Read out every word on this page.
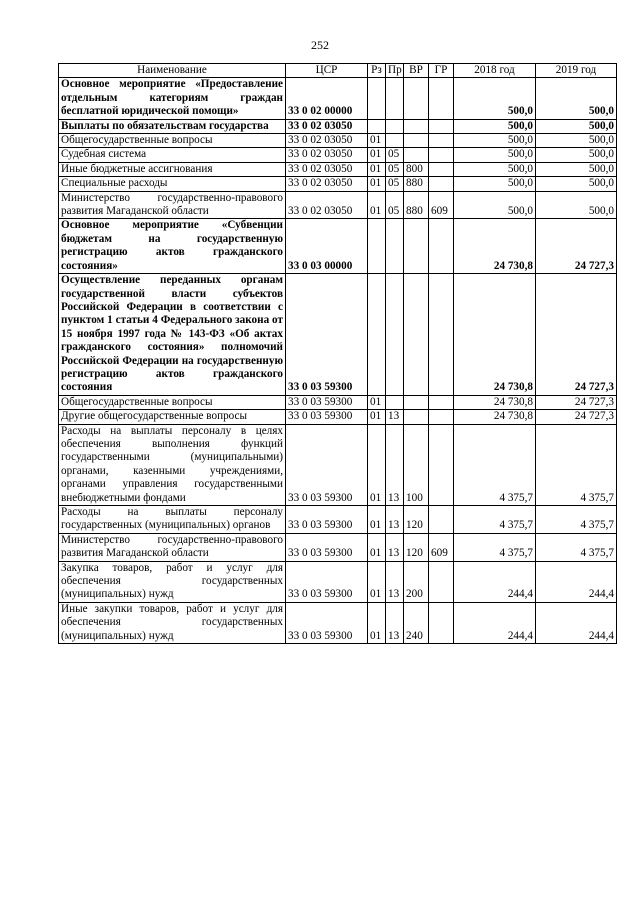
252
Наименование	ЦСР	Рз	Пр	ВР	ГР	2018 год	2019 год
Основное мероприятие «Предоставление отдельным категориям граждан бесплатной юридической помощи»	33 0 02 00000					500,0	500,0
Выплаты по обязательствам государства	33 0 02 03050					500,0	500,0
Общегосударственные вопросы	33 0 02 03050	01				500,0	500,0
Судебная система	33 0 02 03050	01	05			500,0	500,0
Иные бюджетные ассигнования	33 0 02 03050	01	05	800		500,0	500,0
Специальные расходы	33 0 02 03050	01	05	880		500,0	500,0
Министерство государственно-правового развития Магаданской области	33 0 02 03050	01	05	880	609	500,0	500,0
Основное мероприятие «Субвенции бюджетам на государственную регистрацию актов гражданского состояния»	33 0 03 00000					24 730,8	24 727,3
Осуществление переданных органам государственной власти субъектов Российской Федерации в соответствии с пунктом 1 статьи 4 Федерального закона от 15 ноября 1997 года № 143-ФЗ «Об актах гражданского состояния» полномочий Российской Федерации на государственную регистрацию актов гражданского состояния	33 0 03 59300					24 730,8	24 727,3
Общегосударственные вопросы	33 0 03 59300	01				24 730,8	24 727,3
Другие общегосударственные вопросы	33 0 03 59300	01	13			24 730,8	24 727,3
Расходы на выплаты персоналу в целях обеспечения выполнения функций государственными (муниципальными) органами, казенными учреждениями, органами управления государственными внебюджетными фондами	33 0 03 59300	01	13	100		4 375,7	4 375,7
Расходы на выплаты персоналу государственных (муниципальных) органов	33 0 03 59300	01	13	120		4 375,7	4 375,7
Министерство государственно-правового развития Магаданской области	33 0 03 59300	01	13	120	609	4 375,7	4 375,7
Закупка товаров, работ и услуг для обеспечения государственных (муниципальных) нужд	33 0 03 59300	01	13	200		244,4	244,4
Иные закупки товаров, работ и услуг для обеспечения государственных (муниципальных) нужд	33 0 03 59300	01	13	240		244,4	244,4
